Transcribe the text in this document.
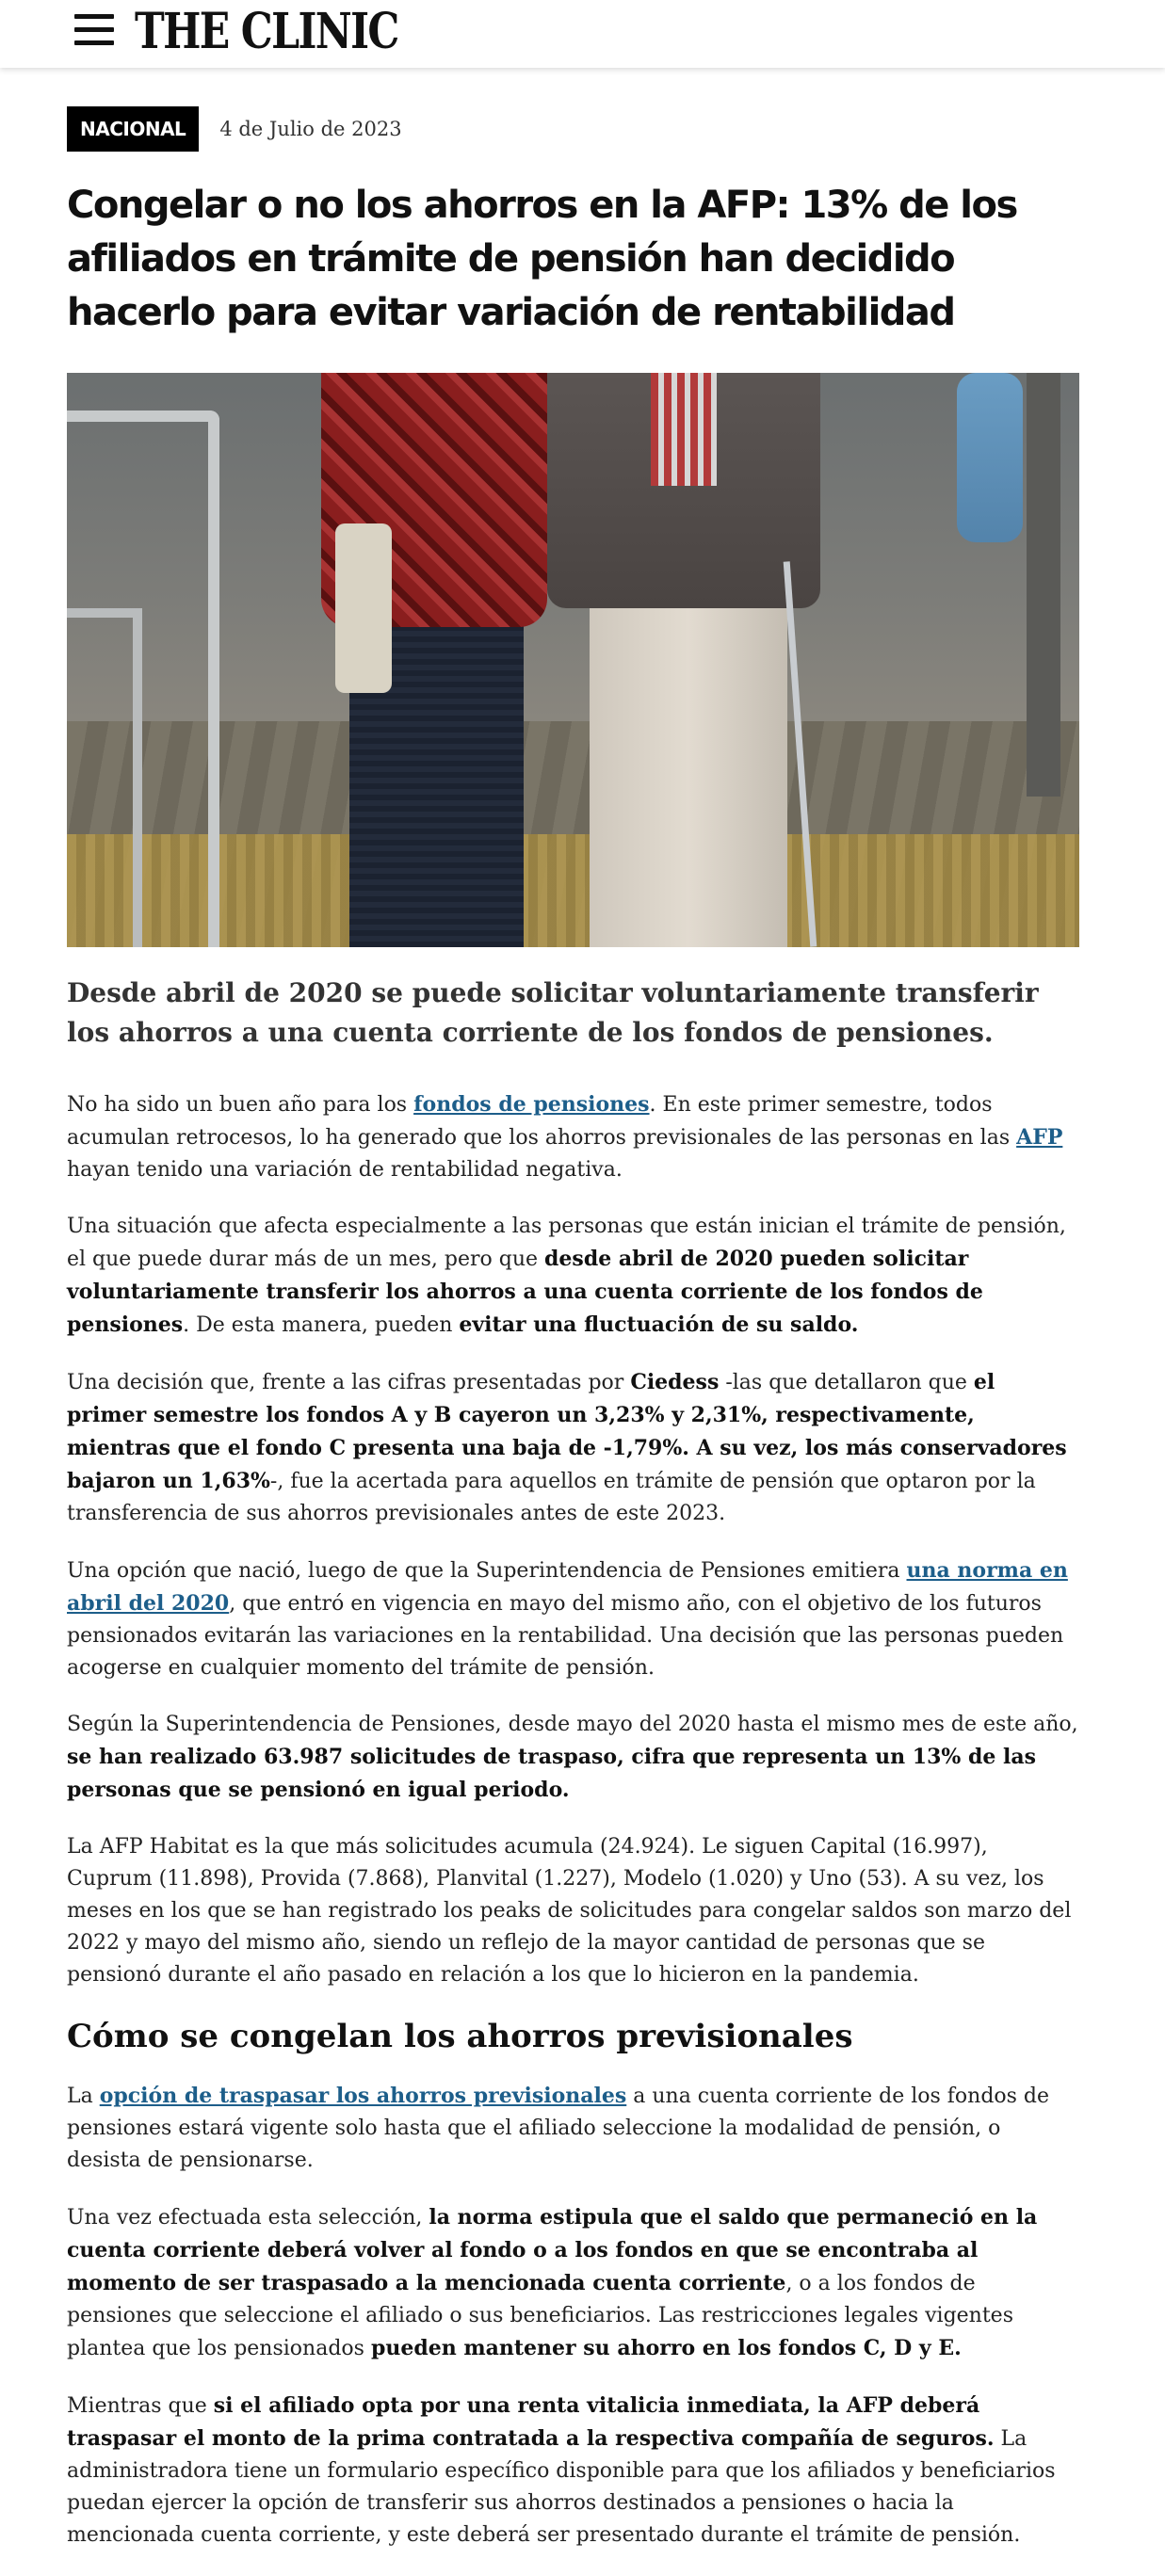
THE CLINIC
NACIONAL	4 de Julio de 2023
Congelar o no los ahorros en la AFP: 13% de los afiliados en trámite de pensión han decidido hacerlo para evitar variación de rentabilidad
Desde abril de 2020 se puede solicitar voluntariamente transferir los ahorros a una cuenta corriente de los fondos de pensiones.

No ha sido un buen año para los fondos de pensiones. En este primer semestre, todos acumulan retrocesos, lo ha generado que los ahorros previsionales de las personas en las AFP hayan tenido una variación de rentabilidad negativa.

Una situación que afecta especialmente a las personas que están inician el trámite de pensión, el que puede durar más de un mes, pero que desde abril de 2020 pueden solicitar voluntariamente transferir los ahorros a una cuenta corriente de los fondos de pensiones. De esta manera, pueden evitar una fluctuación de su saldo.

Una decisión que, frente a las cifras presentadas por Ciedess -las que detallaron que el primer semestre los fondos A y B cayeron un 3,23% y 2,31%, respectivamente, mientras que el fondo C presenta una baja de -1,79%. A su vez, los más conservadores bajaron un 1,63%-, fue la acertada para aquellos en trámite de pensión que optaron por la transferencia de sus ahorros previsionales antes de este 2023.

Una opción que nació, luego de que la Superintendencia de Pensiones emitiera una norma en abril del 2020, que entró en vigencia en mayo del mismo año, con el objetivo de los futuros pensionados evitarán las variaciones en la rentabilidad. Una decisión que las personas pueden acogerse en cualquier momento del trámite de pensión.

Según la Superintendencia de Pensiones, desde mayo del 2020 hasta el mismo mes de este año, se han realizado 63.987 solicitudes de traspaso, cifra que representa un 13% de las personas que se pensionó en igual periodo.

La AFP Habitat es la que más solicitudes acumula (24.924). Le siguen Capital (16.997), Cuprum (11.898), Provida (7.868), Planvital (1.227), Modelo (1.020) y Uno (53). A su vez, los meses en los que se han registrado los peaks de solicitudes para congelar saldos son marzo del 2022 y mayo del mismo año, siendo un reflejo de la mayor cantidad de personas que se pensionó durante el año pasado en relación a los que lo hicieron en la pandemia.

Cómo se congelan los ahorros previsionales

La opción de traspasar los ahorros previsionales a una cuenta corriente de los fondos de pensiones estará vigente solo hasta que el afiliado seleccione la modalidad de pensión, o desista de pensionarse.

Una vez efectuada esta selección, la norma estipula que el saldo que permaneció en la cuenta corriente deberá volver al fondo o a los fondos en que se encontraba al momento de ser traspasado a la mencionada cuenta corriente, o a los fondos de pensiones que seleccione el afiliado o sus beneficiarios. Las restricciones legales vigentes plantea que los pensionados pueden mantener su ahorro en los fondos C, D y E.

Mientras que si el afiliado opta por una renta vitalicia inmediata, la AFP deberá traspasar el monto de la prima contratada a la respectiva compañía de seguros. La administradora tiene un formulario específico disponible para que los afiliados y beneficiarios puedan ejercer la opción de transferir sus ahorros destinados a pensiones o hacia la mencionada cuenta corriente, y este deberá ser presentado durante el trámite de pensión.
